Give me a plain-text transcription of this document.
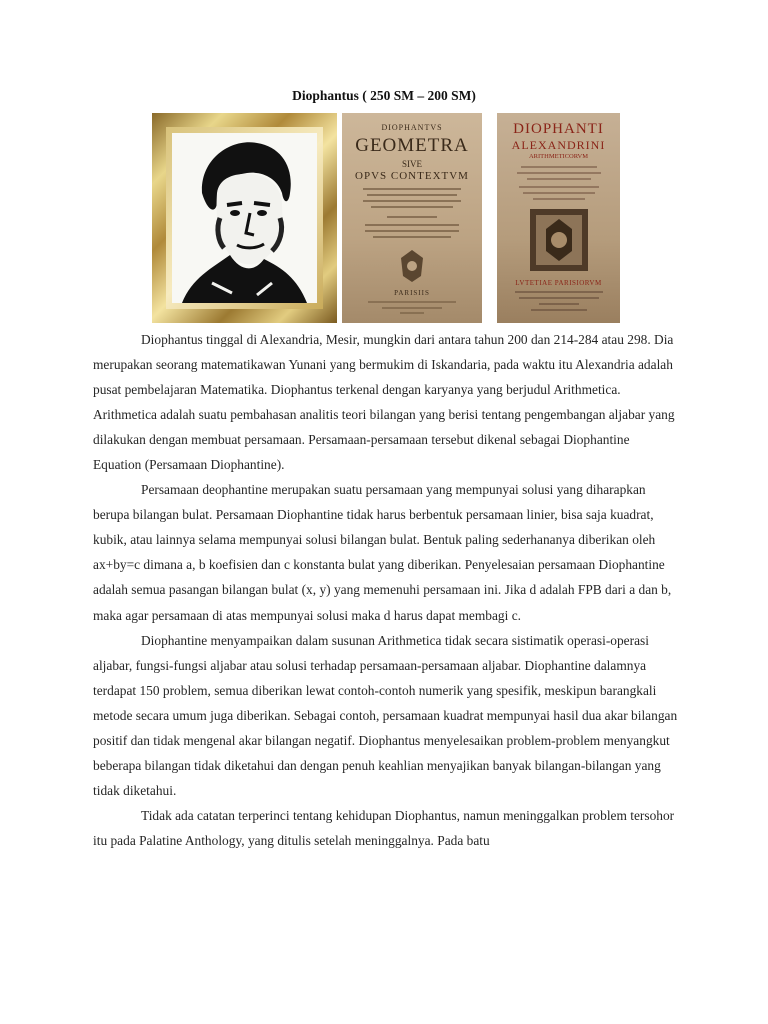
Diophantus ( 250 SM – 200 SM)
DIOPHANTVS
GEOMETRA
SIVE
OPVS CONTEXTVM
PARISIIS
DIOPHANTI
ALEXANDRINI
ARITHMETICORVM
LVTETIAE PARISIORVM

Diophantus tinggal di Alexandria, Mesir, mungkin dari antara tahun 200 dan 214-284 atau 298. Dia merupakan seorang matematikawan Yunani yang bermukim di Iskandaria, pada waktu itu Alexandria adalah pusat pembelajaran Matematika. Diophantus terkenal dengan karyanya yang berjudul Arithmetica. Arithmetica adalah suatu pembahasan analitis teori bilangan yang berisi tentang pengembangan aljabar yang dilakukan dengan membuat persamaan. Persamaan-persamaan tersebut dikenal sebagai Diophantine Equation (Persamaan Diophantine).

Persamaan deophantine merupakan suatu persamaan yang mempunyai solusi yang diharapkan berupa bilangan bulat. Persamaan Diophantine tidak harus berbentuk persamaan linier, bisa saja kuadrat, kubik, atau lainnya selama mempunyai solusi bilangan bulat. Bentuk paling sederhananya diberikan oleh ax+by=c dimana a, b koefisien dan c konstanta bulat yang diberikan. Penyelesaian persamaan Diophantine adalah semua pasangan bilangan bulat (x, y) yang memenuhi persamaan ini. Jika d adalah FPB dari a dan b, maka agar persamaan di atas mempunyai solusi maka d harus dapat membagi c.

Diophantine menyampaikan dalam susunan Arithmetica tidak secara sistimatik operasi-operasi aljabar, fungsi-fungsi aljabar atau solusi terhadap persamaan-persamaan aljabar. Diophantine dalamnya terdapat 150 problem, semua diberikan lewat contoh-contoh numerik yang spesifik, meskipun barangkali metode secara umum juga diberikan. Sebagai contoh, persamaan kuadrat mempunyai hasil dua akar bilangan positif dan tidak mengenal akar bilangan negatif. Diophantus menyelesaikan problem-problem menyangkut beberapa bilangan tidak diketahui dan dengan penuh keahlian menyajikan banyak bilangan-bilangan yang tidak diketahui.

Tidak ada catatan terperinci tentang kehidupan Diophantus, namun meninggalkan problem tersohor itu pada Palatine Anthology, yang ditulis setelah meninggalnya. Pada batu
